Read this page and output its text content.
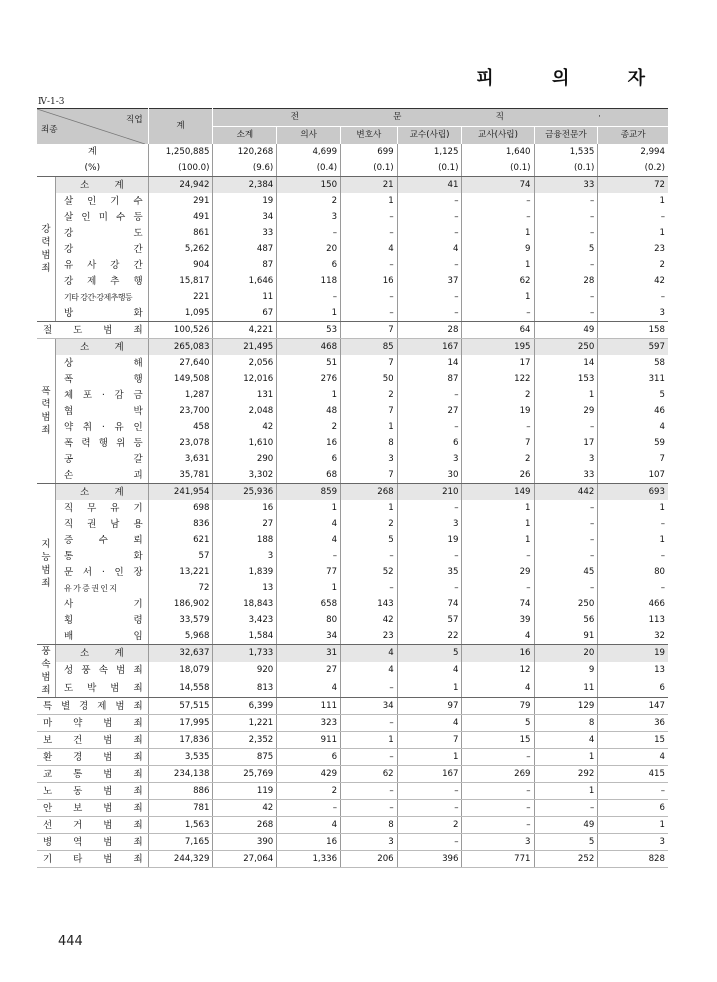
피 의 자
Ⅳ-1-3
직업
죄종		계	전 문 직 ·						

			소계	의사	변호사	교수(사립)	교사(사립)	금융전문가	종교가
계		1,250,885	120,268	4,699	699	1,125	1,640	1,535	2,994
(%)		(100.0)	(9.6)	(0.4)	(0.1)	(0.1)	(0.1)	(0.1)	(0.2)
강력범죄	소 계	24,942	2,384	150	21	41	74	33	72
	살 인 기 수	291	19	2	1	–	–	–	1
	살 인 미 수 등	491	34	3	–	–	–	–	–
	강 도	861	33	–	–	–	1	–	1
	강 간	5,262	487	20	4	4	9	5	23
	유 사 강 간	904	87	6	–	–	1	–	2
	강 제 추 행	15,817	1,646	118	16	37	62	28	42
	기타 강간·강제추행등	221	11	–	–	–	1	–	–
	방 화	1,095	67	1	–	–	–	–	3
절 도 범 죄		100,526	4,221	53	7	28	64	49	158
폭력범죄	소 계	265,083	21,495	468	85	167	195	250	597
	상 해	27,640	2,056	51	7	14	17	14	58
	폭 행	149,508	12,016	276	50	87	122	153	311
	체 포 · 감 금	1,287	131	1	2	–	2	1	5
	협 박	23,700	2,048	48	7	27	19	29	46
	약 취 · 유 인	458	42	2	1	–	–	–	4
	폭 력 행 위 등	23,078	1,610	16	8	6	7	17	59
	공 갈	3,631	290	6	3	3	2	3	7
	손 괴	35,781	3,302	68	7	30	26	33	107
지능범죄	소 계	241,954	25,936	859	268	210	149	442	693
	직 무 유 기	698	16	1	1	–	1	–	1
	직 권 남 용	836	27	4	2	3	1	–	–
	증 수 뢰	621	188	4	5	19	1	–	1
	통 화	57	3	–	–	–	–	–	–
	문 서 · 인 장	13,221	1,839	77	52	35	29	45	80
	유 가 증 권 인 지	72	13	1	–	–	–	–	–
	사 기	186,902	18,843	658	143	74	74	250	466
	횡 령	33,579	3,423	80	42	57	39	56	113
	배 임	5,968	1,584	34	23	22	4	91	32
풍속범죄	소 계	32,637	1,733	31	4	5	16	20	19
	성 풍 속 범 죄	18,079	920	27	4	4	12	9	13
	도 박 범 죄	14,558	813	4	–	1	4	11	6
특 별 경 제 범 죄		57,515	6,399	111	34	97	79	129	147
마 약 범 죄		17,995	1,221	323	–	4	5	8	36
보 건 범 죄		17,836	2,352	911	1	7	15	4	15
환 경 범 죄		3,535	875	6	–	1	–	1	4
교 통 범 죄		234,138	25,769	429	62	167	269	292	415
노 동 범 죄		886	119	2	–	–	–	1	–
안 보 범 죄		781	42	–	–	–	–	–	6
선 거 범 죄		1,563	268	4	8	2	–	49	1
병 역 범 죄		7,165	390	16	3	–	3	5	3
기 타 범 죄		244,329	27,064	1,336	206	396	771	252	828
444
